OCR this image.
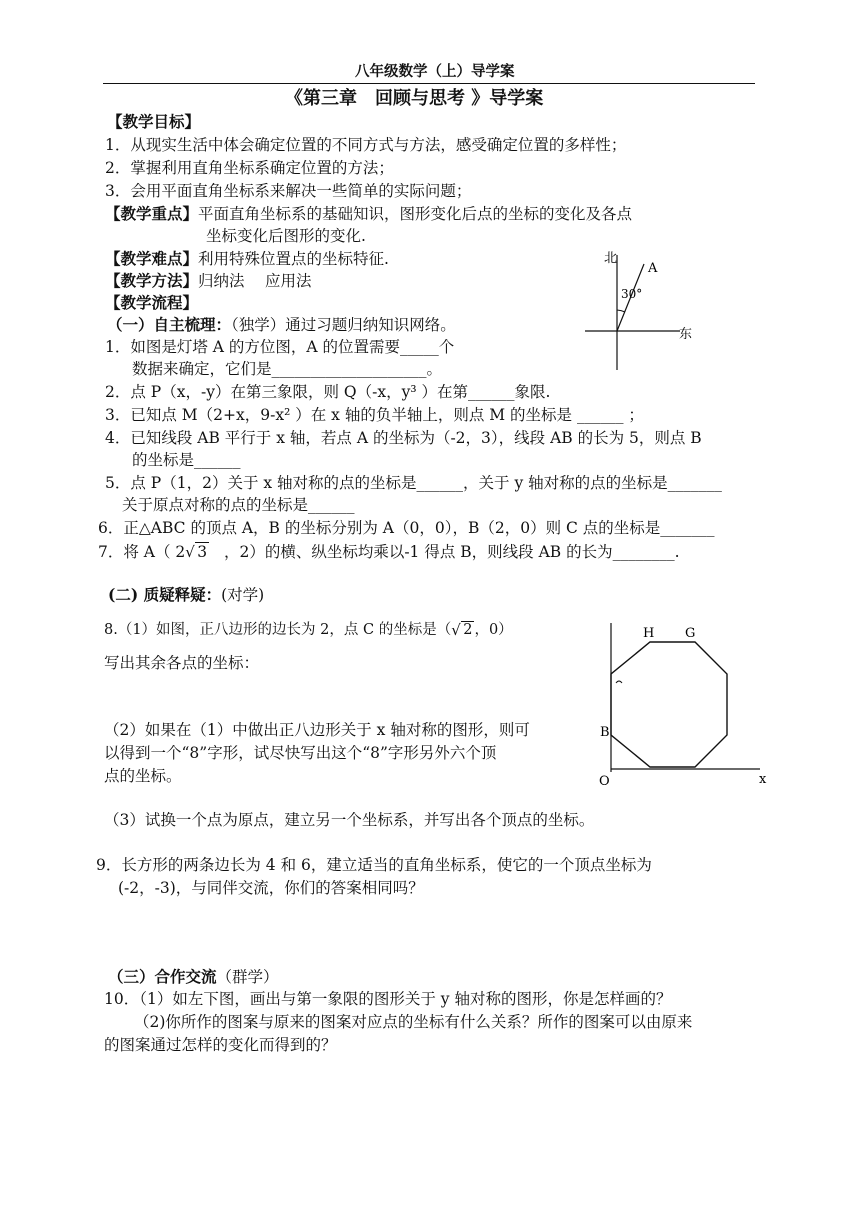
八年级数学（上）导学案
《第三章　回顾与思考 》导学案
【教学目标】
1．从现实生活中体会确定位置的不同方式与方法，感受确定位置的多样性；
2．掌握利用直角坐标系确定位置的方法；
3．会用平面直角坐标系来解决一些简单的实际问题；
【教学重点】平面直角坐标系的基础知识，图形变化后点的坐标的变化及各点
坐标变化后图形的变化.
【教学难点】利用特殊位置点的坐标特征.
【教学方法】归纳法　 应用法
【教学流程】
（一）自主梳理：（独学）通过习题归纳知识网络。
1．如图是灯塔 A 的方位图，A 的位置需要_____个
数据来确定，它们是____________________。
2．点 P（x，-y）在第三象限，则 Q（-x，y³ ）在第______象限.
3．已知点 M（2+x，9-x² ）在 x 轴的负半轴上，则点 M 的坐标是 ______ ；
4．已知线段 AB 平行于 x 轴，若点 A 的坐标为（-2，3），线段 AB 的长为 5，则点 B
的坐标是______
5．点 P（1，2）关于 x 轴对称的点的坐标是______，关于 y 轴对称的点的坐标是_______
关于原点对称的点的坐标是______
6．正△ABC 的顶点 A，B 的坐标分别为 A（0，0），B（2，0）则 C 点的坐标是_______
7．将 A（ 2 √ 3 ，2）的横、纵坐标均乘以-1 得点 B，则线段 AB 的长为________.
北
A
30°
东
(二) 质疑释疑：(对学)
8.（1）如图，正八边形的边长为 2，点 C 的坐标是（ √ 2 ，0）
写出其余各点的坐标：
（2）如果在（1）中做出正八边形关于 x 轴对称的图形，则可
以得到一个“8”字形，试尽快写出这个“8”字形另外六个顶
点的坐标。
（3）试换一个点为原点，建立另一个坐标系，并写出各个顶点的坐标。
9．长方形的两条边长为 4 和 6，建立适当的直角坐标系，使它的一个顶点坐标为
(-2，-3)，与同伴交流，你们的答案相同吗？
H G
B
O	x
（三）合作交流（群学）
10．（1）如左下图，画出与第一象限的图形关于 y 轴对称的图形，你是怎样画的？
（2)你所作的图案与原来的图案对应点的坐标有什么关系？所作的图案可以由原来
的图案通过怎样的变化而得到的？
